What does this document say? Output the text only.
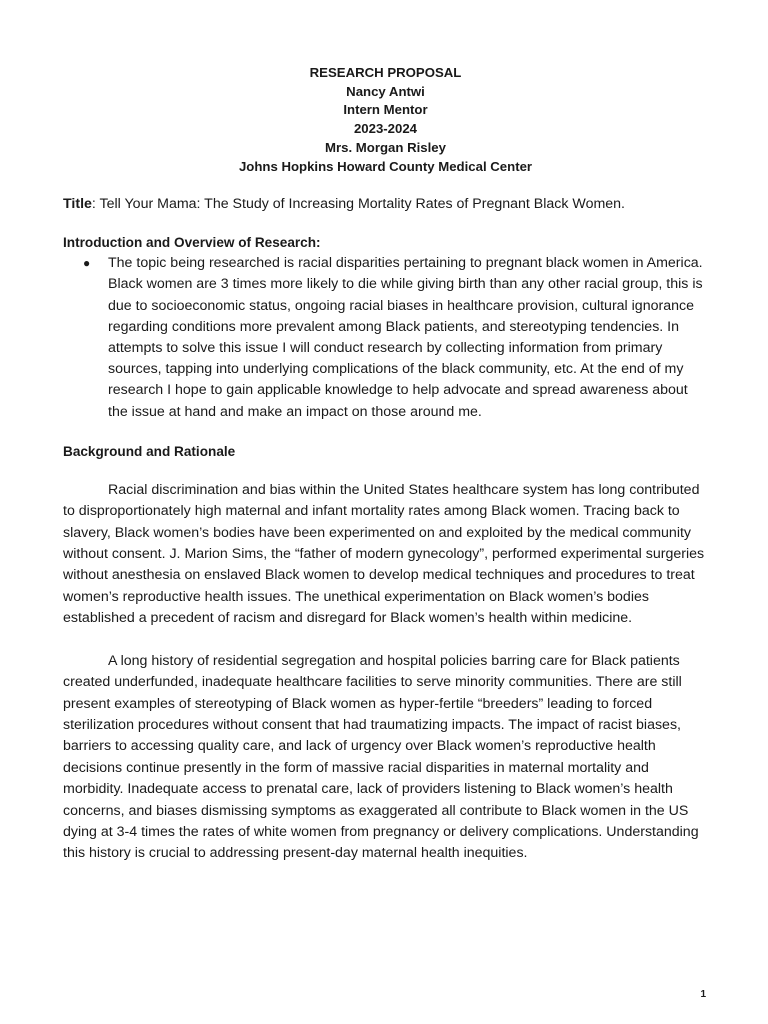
RESEARCH PROPOSAL
Nancy Antwi
Intern Mentor
2023-2024
Mrs. Morgan Risley
Johns Hopkins Howard County Medical Center
Title: Tell Your Mama: The Study of Increasing Mortality Rates of Pregnant Black Women.
Introduction and Overview of Research:
● The topic being researched is racial disparities pertaining to pregnant black women in America. Black women are 3 times more likely to die while giving birth than any other racial group, this is due to socioeconomic status, ongoing racial biases in healthcare provision, cultural ignorance regarding conditions more prevalent among Black patients, and stereotyping tendencies. In attempts to solve this issue I will conduct research by collecting information from primary sources, tapping into underlying complications of the black community, etc. At the end of my research I hope to gain applicable knowledge to help advocate and spread awareness about the issue at hand and make an impact on those around me.
Background and Rationale

Racial discrimination and bias within the United States healthcare system has long contributed to disproportionately high maternal and infant mortality rates among Black women. Tracing back to slavery, Black women’s bodies have been experimented on and exploited by the medical community without consent. J. Marion Sims, the “father of modern gynecology”, performed experimental surgeries without anesthesia on enslaved Black women to develop medical techniques and procedures to treat women’s reproductive health issues. The unethical experimentation on Black women’s bodies established a precedent of racism and disregard for Black women’s health within medicine.

A long history of residential segregation and hospital policies barring care for Black patients created underfunded, inadequate healthcare facilities to serve minority communities. There are still present examples of stereotyping of Black women as hyper-fertile “breeders” leading to forced sterilization procedures without consent that had traumatizing impacts. The impact of racist biases, barriers to accessing quality care, and lack of urgency over Black women’s reproductive health decisions continue presently in the form of massive racial disparities in maternal mortality and morbidity. Inadequate access to prenatal care, lack of providers listening to Black women’s health concerns, and biases dismissing symptoms as exaggerated all contribute to Black women in the US dying at 3-4 times the rates of white women from pregnancy or delivery complications. Understanding this history is crucial to addressing present-day maternal health inequities.

1
